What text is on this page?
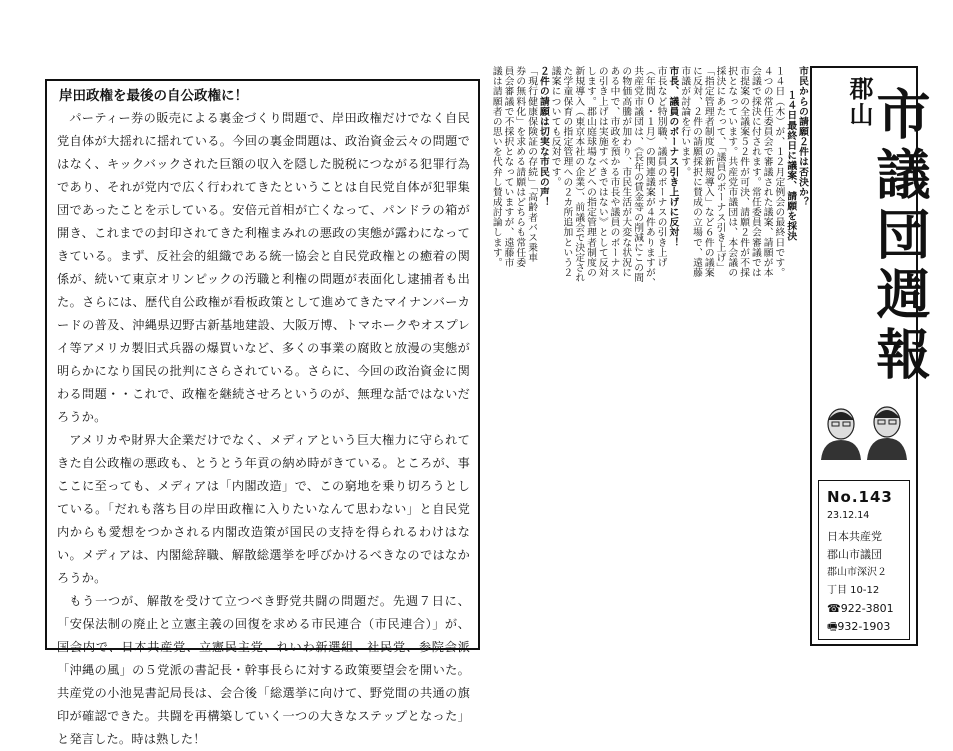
岸田政権を最後の自公政権に！

パーティー券の販売による裏金づくり問題で、岸田政権だけでなく自民党自体が大揺れに揺れている。今回の裏金問題は、政治資金云々の問題ではなく、キックバックされた巨額の収入を隠した脱税につながる犯罪行為であり、それが党内で広く行われてきたということは自民党自体が犯罪集団であったことを示している。安倍元首相が亡くなって、パンドラの箱が開き、これまでの封印されてきた利権まみれの悪政の実態が露わになってきている。まず、反社会的組織である統一協会と自民党政権との癒着の関係が、続いて東京オリンピックの汚職と利権の問題が表面化し逮捕者も出た。さらには、歴代自公政権が看板政策として進めてきたマイナンバーカードの普及、沖縄県辺野古新基地建設、大阪万博、トマホークやオスプレイ等アメリカ製旧式兵器の爆買いなど、多くの事業の腐敗と放漫の実態が明らかになり国民の批判にさらされている。さらに、今回の政治資金に関わる問題・・これで、政権を継続させろというのが、無理な話ではないだろうか。

アメリカや財界大企業だけでなく、メディアという巨大権力に守られてきた自公政権の悪政も、とうとう年貢の納め時がきている。ところが、事ここに至っても、メディアは「内閣改造」で、この窮地を乗り切ろうとしている。「だれも落ち目の岸田政権に入りたいなんて思わない」と自民党内からも愛想をつかされる内閣改造策が国民の支持を得られるわけはない。メディアは、内閣総辞職、解散総選挙を呼びかけるべきなのではなかろうか。

もう一つが、解散を受けて立つべき野党共闘の問題だ。先週７日に、「安保法制の廃止と立憲主義の回復を求める市民連合（市民連合）」が、国会内で、日本共産党、立憲民主党、れいわ新選組、社民党、参院会派「沖縄の風」の５党派の書記長・幹事長らに対する政策要望会を開いた。共産党の小池晃書記局長は、会合後「総選挙に向けて、野党間の共通の旗印が確認できた。共闘を再構築していく一つの大きなステップとなった」と発言した。時は熟した！

市民からの請願２件は否決か？
１４日最終日に議案、請願を採決
１４日（木）が、１２月定例会の最終日です。
４つの常任委員会で審議された議案、請願が本
会議で採決に付されます。常任委員会審議では
市提案の全議案５２件が可決、請願２件が不採
択となっています。共産党市議団は、本会議の
採決にあたって、「議員のボーナス引き上げ」
「指定管理者制度の新規導入」など６件の議案
に反対、２件の請願採択に賛成の立場で、遠藤
市議が討論を行います。
市長、議員のボーナス引き上げに反対！
市長など特別職、議員のボーナスの引き上げ
（年間０・１月）の関連議案が４件ありますが、
共産党市議団は、《長年の賃金等の削減にこの間
の物価高騰が加わり、市民生活が大変な状況に
ある中で、市政を預かる市長や議員のボーナス
の引き上げは実施すべきではない》として反対
します。郡山庭球場などへの指定管理者制度の
新規導入（東京本社の企業）、前議会で決定され
た学童保育の指定管理への２カ所追加という２
議案についても反対です。
２件の請願は切実な市民の声！
「現行健康保険証の存続」「高齢者バス乗車
券の無料化」を求める請願はどちらも常任委
員会審議で不採択となっていますが、遠藤市
議は請願者の思いを代弁し賛成討論します。	郡山
市議団週報
No.143
23.12.14
日本共産党
郡山市議団
郡山市深沢２
丁目 10-12
☎922-3801
🖷932-1903
